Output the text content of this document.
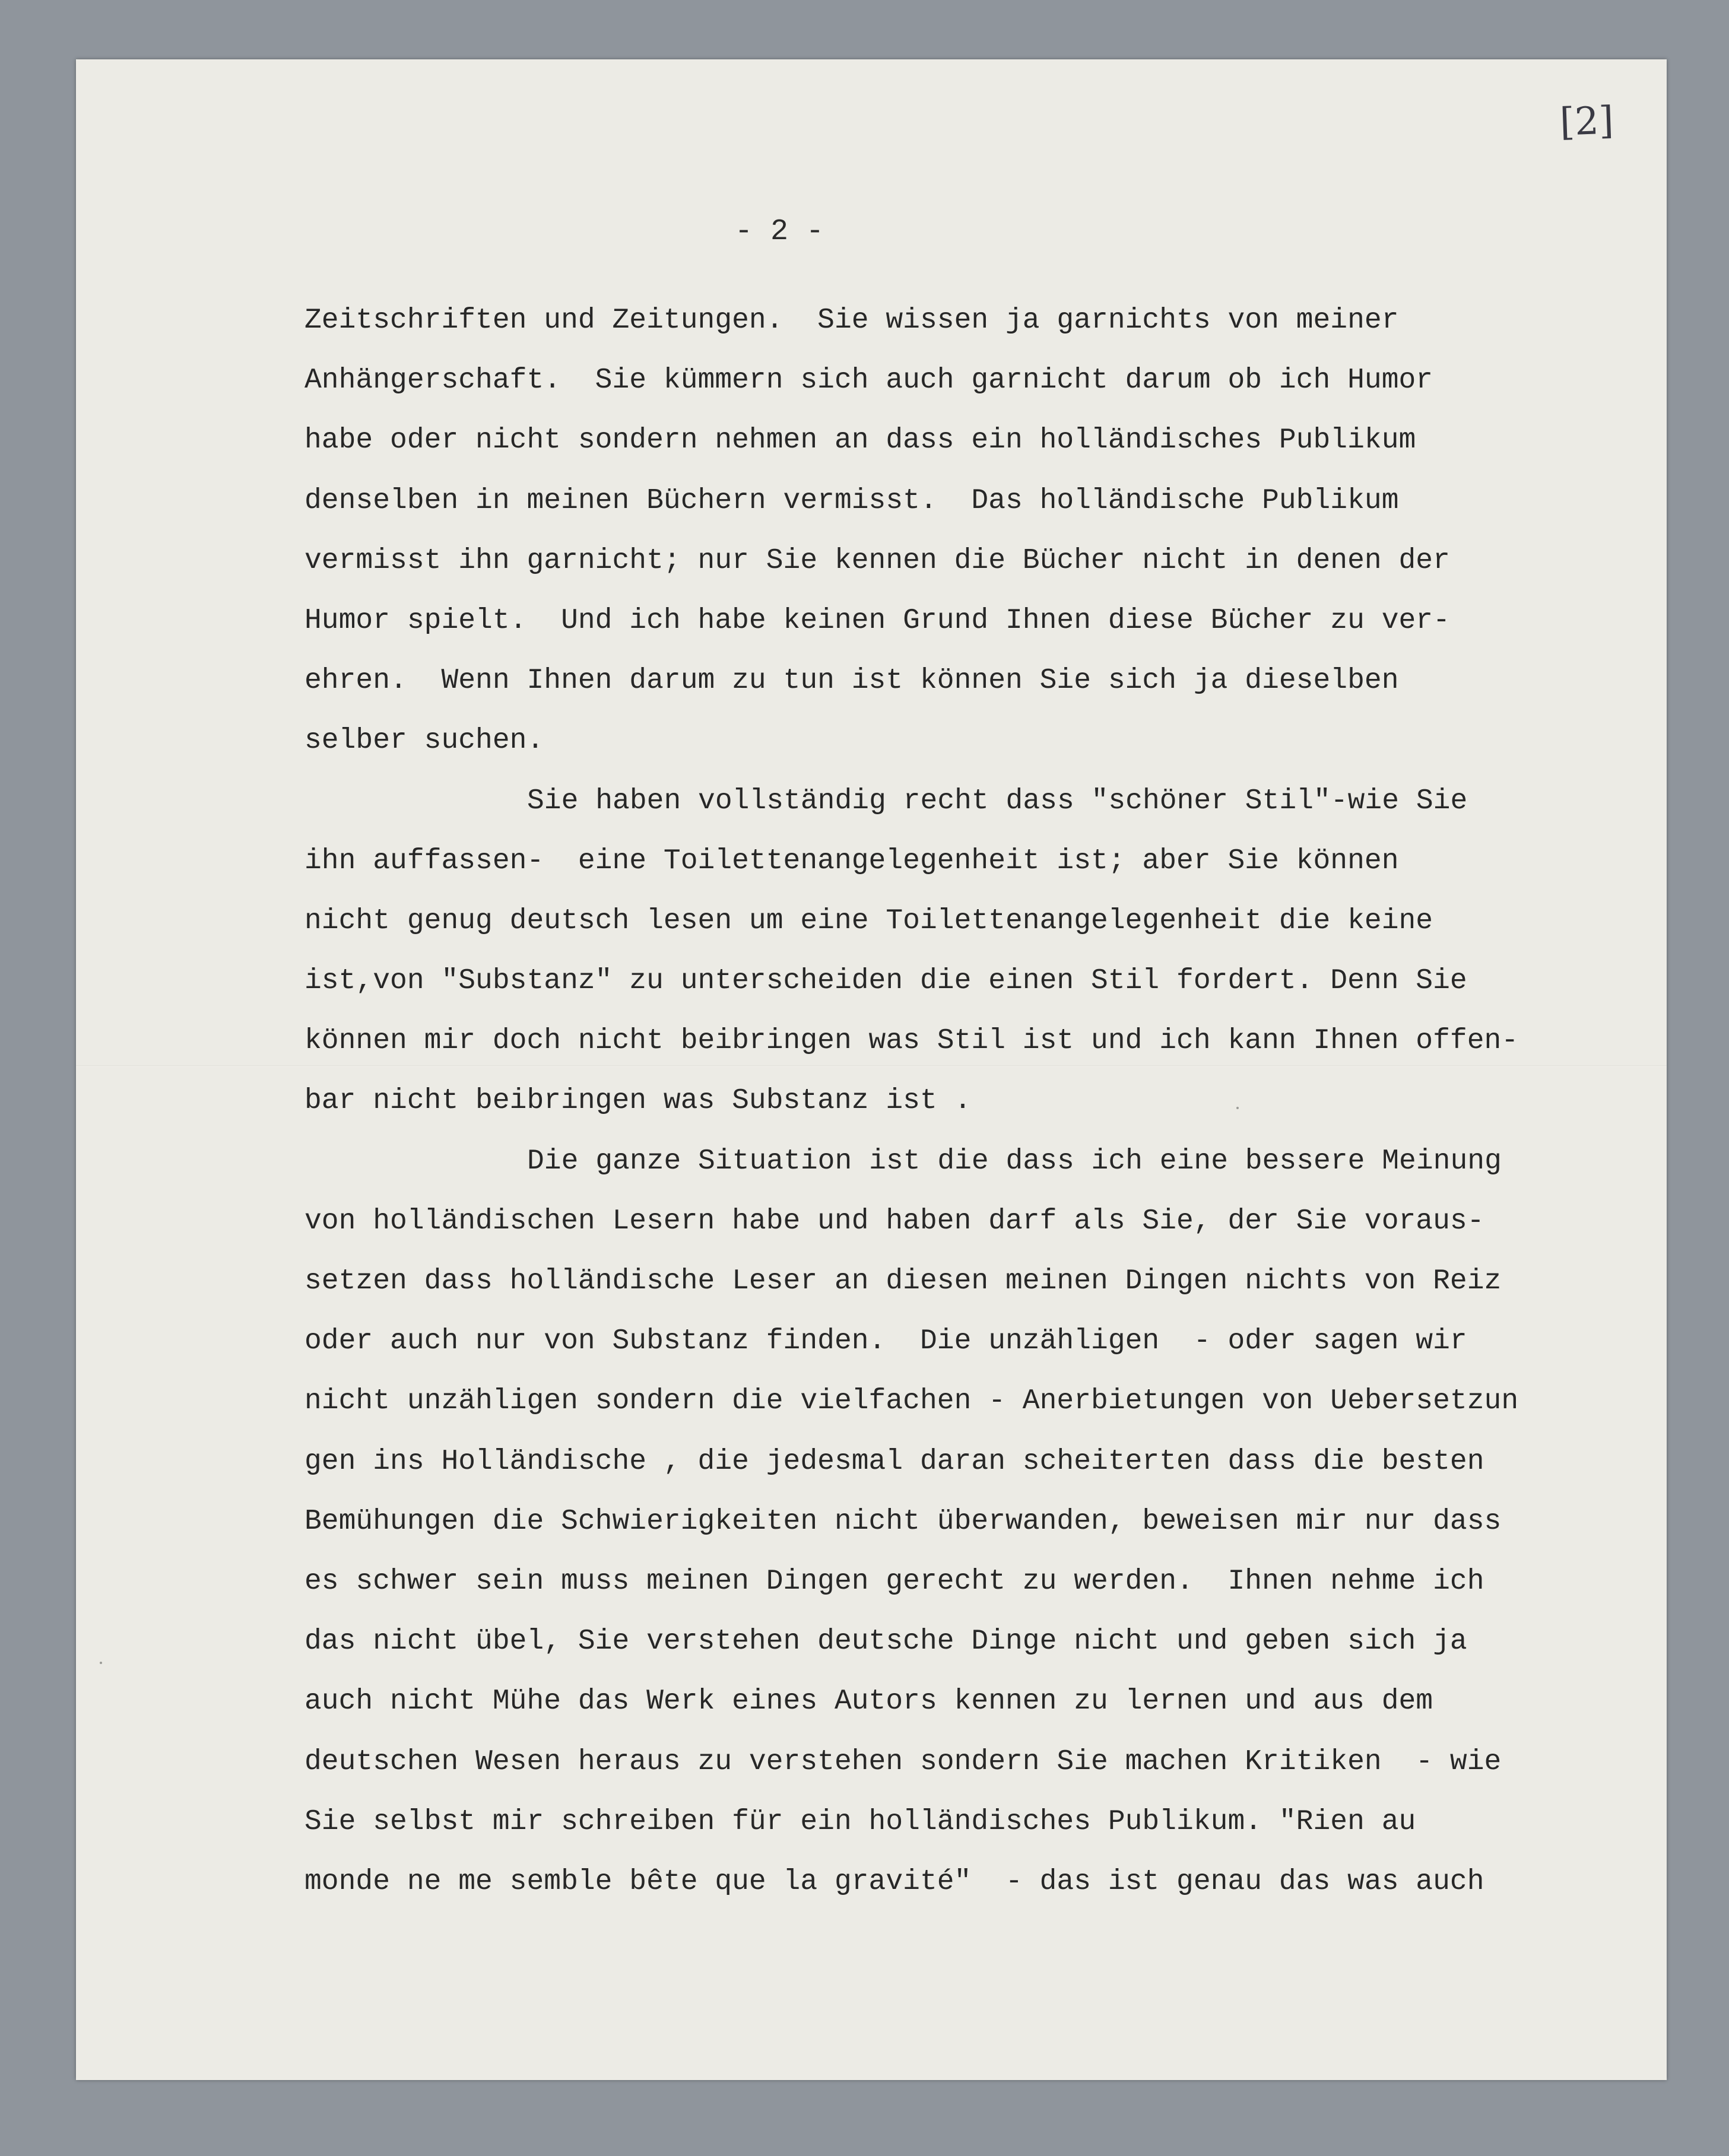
[2]
- 2 -
Zeitschriften und Zeitungen.  Sie wissen ja garnichts von meiner
Anhängerschaft.  Sie kümmern sich auch garnicht darum ob ich Humor
habe oder nicht sondern nehmen an dass ein holländisches Publikum
denselben in meinen Büchern vermisst.  Das holländische Publikum
vermisst ihn garnicht; nur Sie kennen die Bücher nicht in denen der
Humor spielt.  Und ich habe keinen Grund Ihnen diese Bücher zu ver-
ehren.  Wenn Ihnen darum zu tun ist können Sie sich ja dieselben
selber suchen.
Sie haben vollständig recht dass "schöner Stil"-wie Sie
ihn auffassen-  eine Toilettenangelegenheit ist; aber Sie können
nicht genug deutsch lesen um eine Toilettenangelegenheit die keine
ist,von "Substanz" zu unterscheiden die einen Stil fordert. Denn Sie
können mir doch nicht beibringen was Stil ist und ich kann Ihnen offen-
bar nicht beibringen was Substanz ist .
Die ganze Situation ist die dass ich eine bessere Meinung
von holländischen Lesern habe und haben darf als Sie, der Sie voraus-
setzen dass holländische Leser an diesen meinen Dingen nichts von Reiz
oder auch nur von Substanz finden.  Die unzähligen  - oder sagen wir
nicht unzähligen sondern die vielfachen - Anerbietungen von Uebersetzun
gen ins Holländische , die jedesmal daran scheiterten dass die besten
Bemühungen die Schwierigkeiten nicht überwanden, beweisen mir nur dass
es schwer sein muss meinen Dingen gerecht zu werden.  Ihnen nehme ich
das nicht übel, Sie verstehen deutsche Dinge nicht und geben sich ja
auch nicht Mühe das Werk eines Autors kennen zu lernen und aus dem
deutschen Wesen heraus zu verstehen sondern Sie machen Kritiken  - wie
Sie selbst mir schreiben für ein holländisches Publikum. "Rien au
monde ne me semble bête que la gravité"  - das ist genau das was auch
